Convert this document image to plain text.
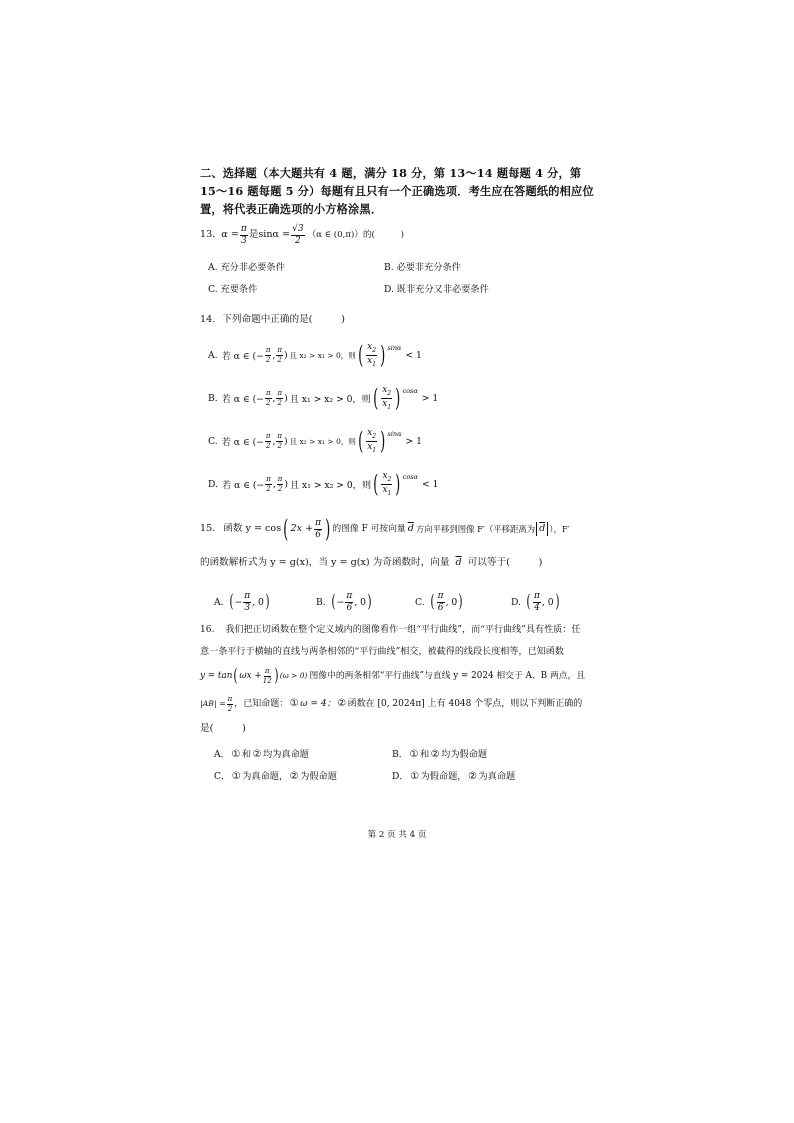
二、选择题（本大题共有 4 题，满分 18 分，第 13～14 题每题 4 分，第 15～16 题每题 5 分）每题有且只有一个正确选项．考生应在答题纸的相应位置，将代表正确选项的小方格涂黑．
13. $\alpha = \frac{\pi}{3}$ 是 $\sin\alpha = \frac{√3}{2} (\alpha$ ∈ (0,π)）的(　　　)
A. 充分非必要条件	B. 必要非充分条件
C. 充要条件	D. 既非充分又非必要条件
14. 下列命题中正确的是(　　　)
A. 若 α ∈ (− $\frac{\pi}{2}$ , $\frac{\pi}{2}$ ) 且 x₂ > x₁ > 0，则 ( $\frac{x_2}{x_1}$ ) sinα
< 1
B. 若 α ∈ (− $\frac{\pi}{2}$ , $\frac{\pi}{2}$ ) 且 x₁ > x₂ > 0，则 ( $\frac{x_2}{x_1}$ ) cosα
> 1
C. 若 α ∈ (− $\frac{\pi}{2}$ , $\frac{\pi}{2}$ ) 且 x₂ > x₁ > 0，则 ( $\frac{x_2}{x_1}$ ) sinα
> 1
D. 若 α ∈ (− $\frac{\pi}{2}$ , $\frac{\pi}{2}$ ) 且 x₁ > x₂ > 0，则 ( $\frac{x_2}{x_1}$ ) cosα
< 1
15. 函数 y = cos ( $2x + \frac{\pi}{6}$ ) 的图像 F 可按向量 $\overline{d}$ 方向平移到图像 F′（平移距离为 $\overline{d}$ ），F′
的函数解析式为 y = g(x)，当 y = g(x) 为奇函数时，向量 $\overline{d}$ 可以等于(　　　)
A. ( − $\frac{\pi}{3}$ , 0 )	B. ( − $\frac{\pi}{6}$ , 0 )	C. ( $\frac{\pi}{6}$ , 0 )	D. ( $\frac{\pi}{4}$ , 0 )
16. 我们把正切函数在整个定义域内的图像看作一组“平行曲线”，而“平行曲线”具有性质：任
意一条平行于横轴的直线与两条相邻的“平行曲线”相交，被截得的线段长度相等，已知函数
y = tan ( $\omega x + \frac{\pi}{12}$ ) (ω > 0) 图像中的两条相邻“平行曲线”与直线 y = 2024 相交于 A、B 两点，且
$|AB| = \frac{\pi}{2}$ ，已知命题： ① ω = 4； ② 函数在 [0, 2024π] 上有 4048 个零点，则以下判断正确的
是(　　　)
A． ① 和 ② 均为真命题	B． ① 和 ② 均为假命题
C． ① 为真命题， ② 为假命题	D． ① 为假命题， ② 为真命题
第 2 页 共 4 页
